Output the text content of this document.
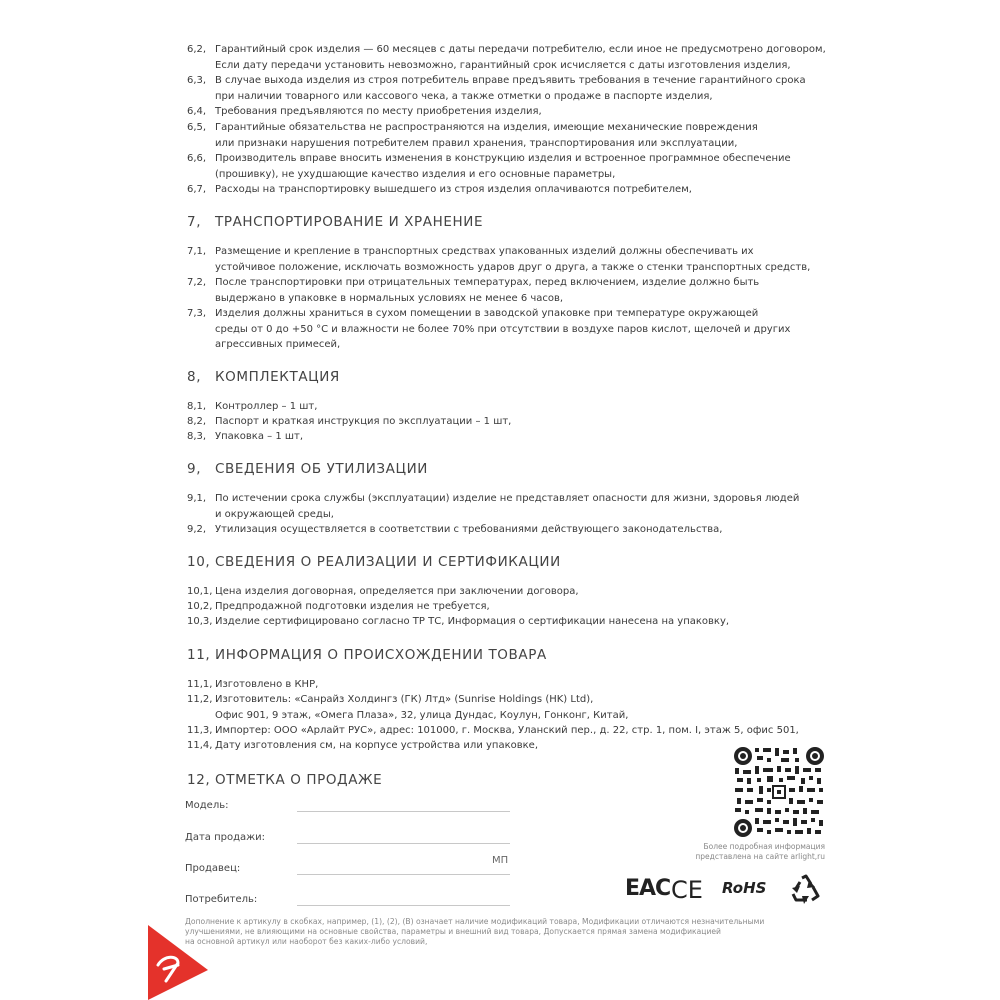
6,2, Гарантийный срок изделия — 60 месяцев с даты передачи потребителю, если иное не предусмотрено договором,
Если дату передачи установить невозможно, гарантийный срок исчисляется с даты изготовления изделия,
6,3, В случае выхода изделия из строя потребитель вправе предъявить требования в течение гарантийного срока
при наличии товарного или кассового чека, а также отметки о продаже в паспорте изделия,
6,4, Требования предъявляются по месту приобретения изделия,
6,5, Гарантийные обязательства не распространяются на изделия, имеющие механические повреждения
или признаки нарушения потребителем правил хранения, транспортирования или эксплуатации,
6,6, Производитель вправе вносить изменения в конструкцию изделия и встроенное программное обеспечение
(прошивку), не ухудшающие качество изделия и его основные параметры,
6,7, Расходы на транспортировку вышедшего из строя изделия оплачиваются потребителем,
7, ТРАНСПОРТИРОВАНИЕ И ХРАНЕНИЕ
7,1, Размещение и крепление в транспортных средствах упакованных изделий должны обеспечивать их
устойчивое положение, исключать возможность ударов друг о друга, а также о стенки транспортных средств,
7,2, После транспортировки при отрицательных температурах, перед включением, изделие должно быть
выдержано в упаковке в нормальных условиях не менее 6 часов,
7,3, Изделия должны храниться в сухом помещении в заводской упаковке при температуре окружающей
среды от 0 до +50 °С и влажности не более 70% при отсутствии в воздухе паров кислот, щелочей и других
агрессивных примесей,
8, КОМПЛЕКТАЦИЯ
8,1, Контроллер – 1 шт,
8,2, Паспорт и краткая инструкция по эксплуатации – 1 шт,
8,3, Упаковка – 1 шт,
9, СВЕДЕНИЯ ОБ УТИЛИЗАЦИИ
9,1, По истечении срока службы (эксплуатации) изделие не представляет опасности для жизни, здоровья людей
и окружающей среды,
9,2, Утилизация осуществляется в соответствии с требованиями действующего законодательства,
10, СВЕДЕНИЯ О РЕАЛИЗАЦИИ И СЕРТИФИКАЦИИ
10,1, Цена изделия договорная, определяется при заключении договора,
10,2, Предпродажной подготовки изделия не требуется,
10,3, Изделие сертифицировано согласно ТР ТС, Информация о сертификации нанесена на упаковку,
11, ИНФОРМАЦИЯ О ПРОИСХОЖДЕНИИ ТОВАРА
11,1, Изготовлено в КНР,
11,2, Изготовитель: «Санрайз Холдингз (ГК) Лтд» (Sunrise Holdings (HK) Ltd),
Офис 901, 9 этаж, «Омега Плаза», 32, улица Дундас, Коулун, Гонконг, Китай,
11,3, Импортер: ООО «Арлайт РУС», адрес: 101000, г. Москва, Уланский пер., д. 22, стр. 1, пом. I, этаж 5, офис 501,
11,4, Дату изготовления см, на корпусе устройства или упаковке,
12, ОТМЕТКА О ПРОДАЖЕ
Модель:
Дата продажи:
Продавец:
Потребитель:
МП
Более подробная информация
представлена на сайте arlight,ru
EAC CE	RoHS
Дополнение к артикулу в скобках, например, (1), (2), (B) означает наличие модификаций товара, Модификации отличаются незначительными
улучшениями, не влияющими на основные свойства, параметры и внешний вид товара, Допускается прямая замена модификацией
на основной артикул или наоборот без каких-либо условий,
